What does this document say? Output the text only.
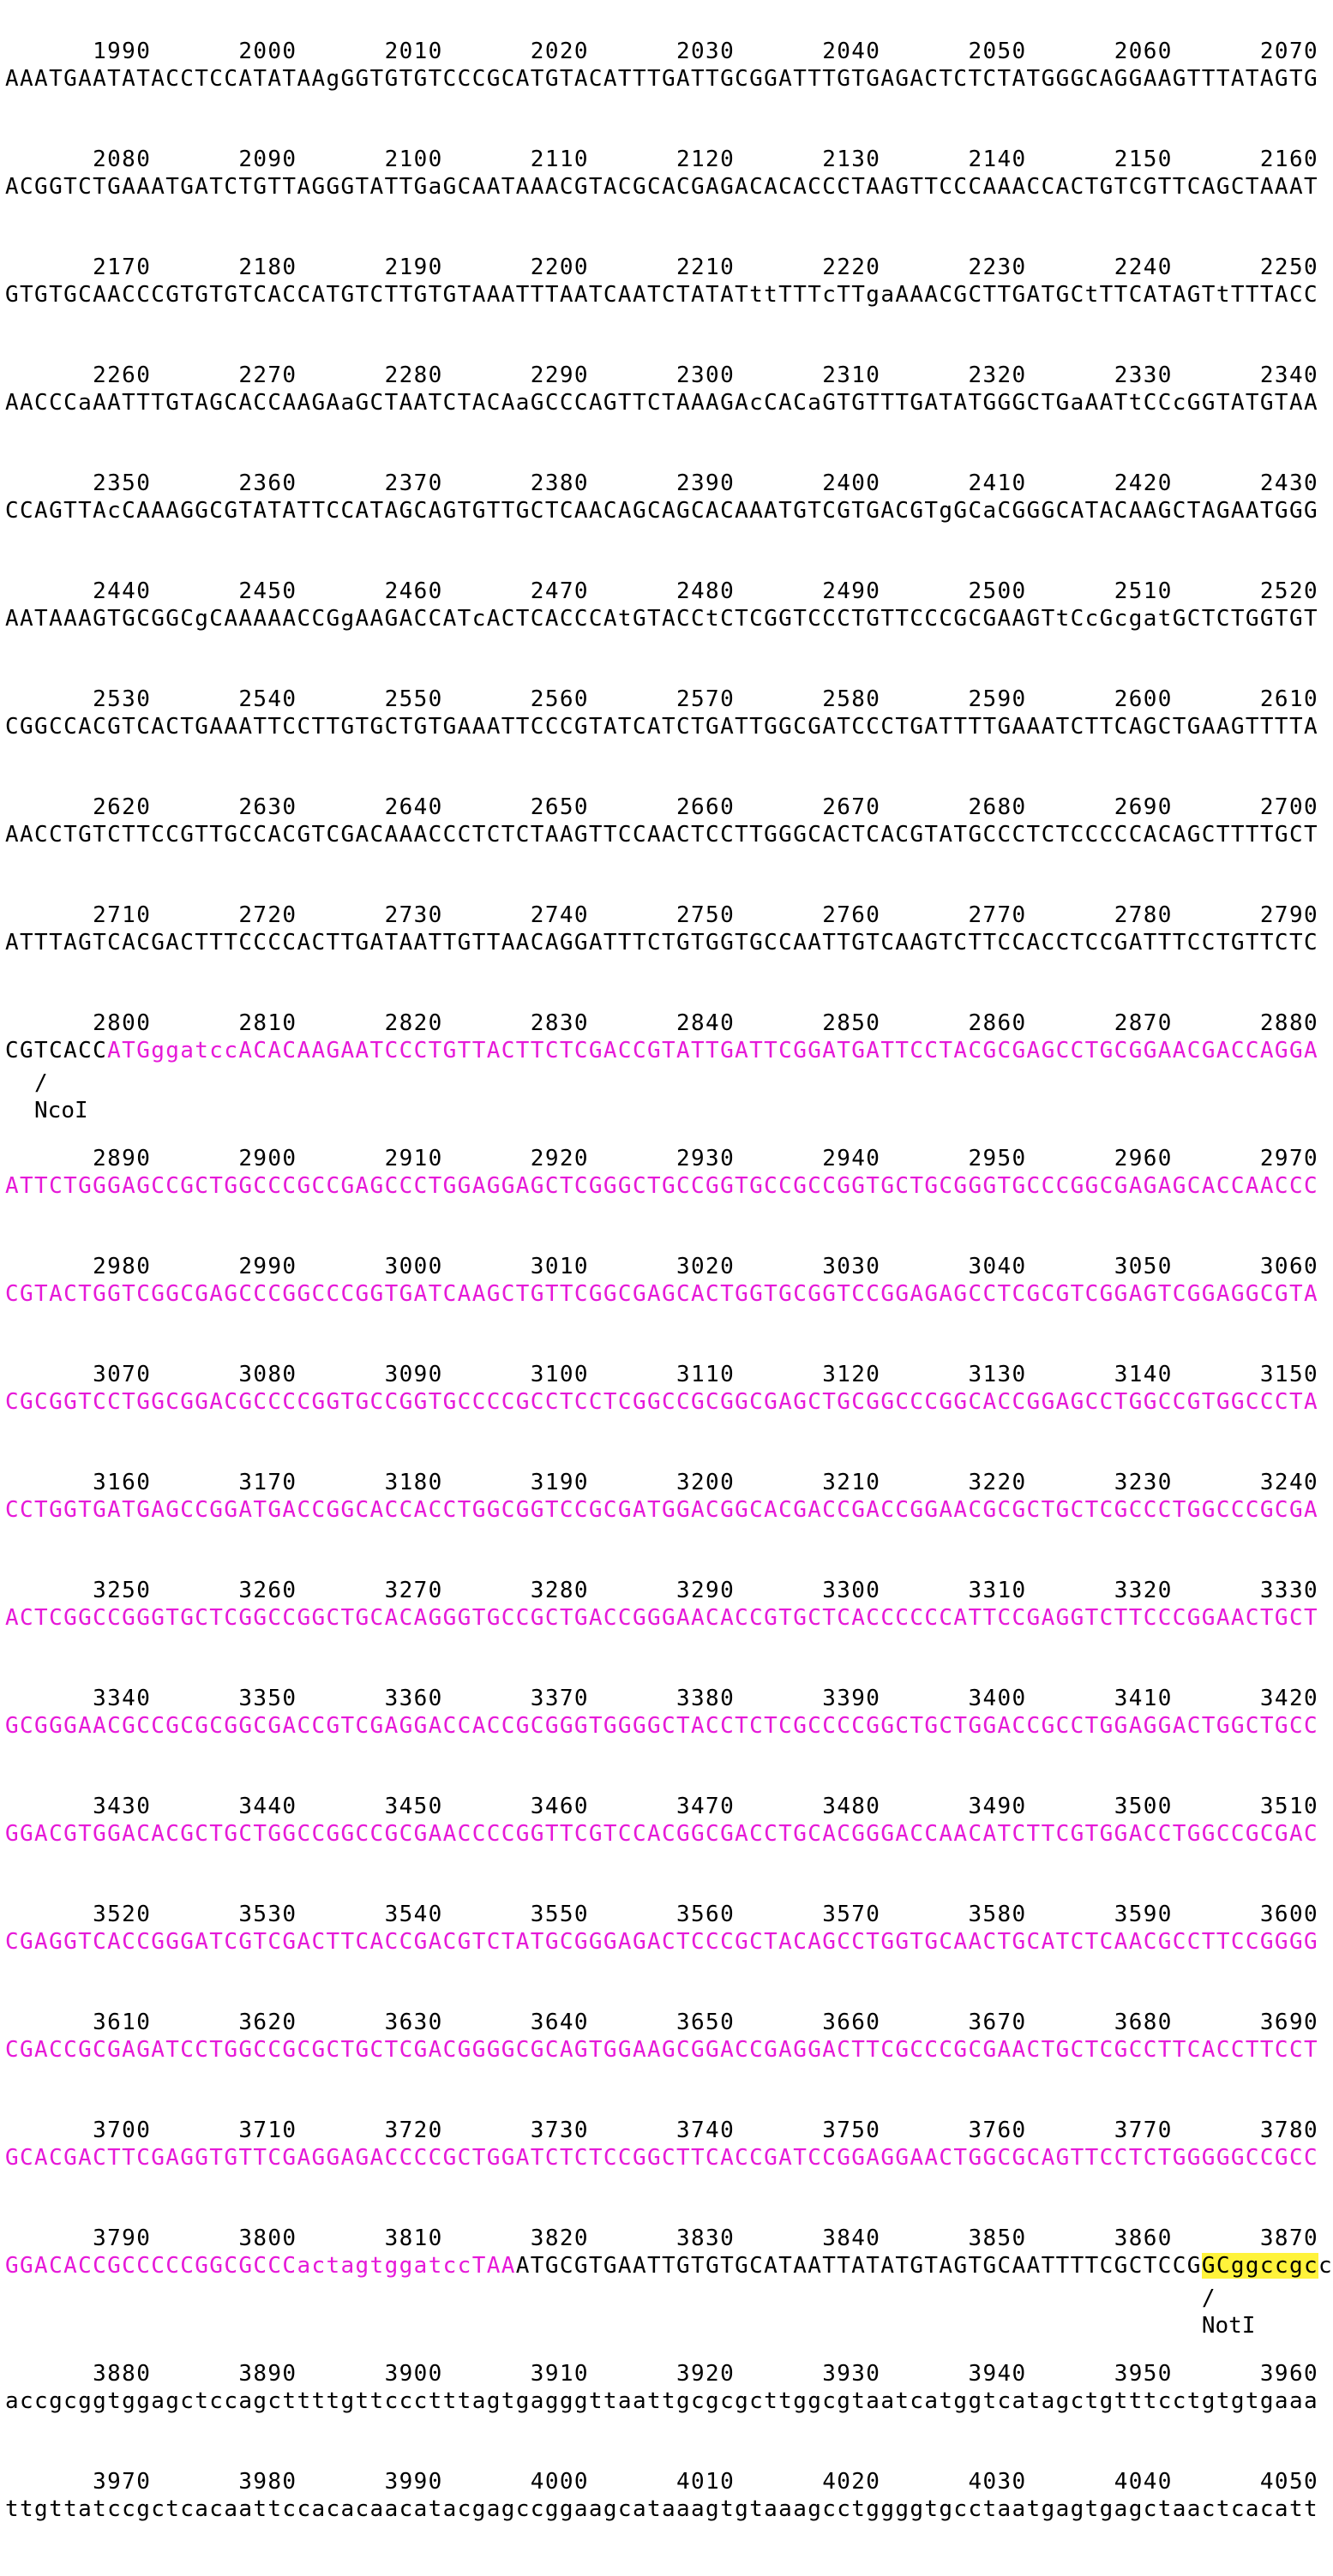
1990	2000	2010	2020	2030	2040	2050	2060	2070
AAATGAATATACCTCCATATAAgGGTGTGTCCCGCATGTACATTTGATTGCGGATTTGTGAGACTCTCTATGGGCAGGAAGTTTATAGTG
2080	2090	2100	2110	2120	2130	2140	2150	2160
ACGGTCTGAAATGATCTGTTAGGGTATTGaGCAATAAACGTACGCACGAGACACACCCTAAGTTCCCAAACCACTGTCGTTCAGCTAAAT
2170	2180	2190	2200	2210	2220	2230	2240	2250
GTGTGCAACCCGTGTGTCACCATGTCTTGTGTAAATTTAATCAATCTATATttTTTcTTgaAAACGCTTGATGCtTTCATAGTtTTTACC
2260	2270	2280	2290	2300	2310	2320	2330	2340
AACCCaAATTTGTAGCACCAAGAaGCTAATCTACAaGCCCAGTTCTAAAGAcCACaGTGTTTGATATGGGCTGaAATtCCcGGTATGTAA
2350	2360	2370	2380	2390	2400	2410	2420	2430
CCAGTTAcCAAAGGCGTATATTCCATAGCAGTGTTGCTCAACAGCAGCACAAATGTCGTGACGTgGCaCGGGCATACAAGCTAGAATGGG
2440	2450	2460	2470	2480	2490	2500	2510	2520
AATAAAGTGCGGCgCAAAAACCGgAAGACCATcACTCACCCAtGTACCtCTCGGTCCCTGTTCCCGCGAAGTtCcGcgatGCTCTGGTGT
2530	2540	2550	2560	2570	2580	2590	2600	2610
CGGCCACGTCACTGAAATTCCTTGTGCTGTGAAATTCCCGTATCATCTGATTGGCGATCCCTGATTTTGAAATCTTCAGCTGAAGTTTTA
2620	2630	2640	2650	2660	2670	2680	2690	2700
AACCTGTCTTCCGTTGCCACGTCGACAAACCCTCTCTAAGTTCCAACTCCTTGGGCACTCACGTATGCCCTCTCCCCCACAGCTTTTGCT
2710	2720	2730	2740	2750	2760	2770	2780	2790
ATTTAGTCACGACTTTCCCCACTTGATAATTGTTAACAGGATTTCTGTGGTGCCAATTGTCAAGTCTTCCACCTCCGATTTCCTGTTCTC
2800	2810	2820	2830	2840	2850	2860	2870	2880
CGTCACCATGggatccACACAAGAATCCCTGTTACTTCTCGACCGTATTGATTCGGATGATTCCTACGCGAGCCTGCGGAACGACCAGGA
/
NcoI
2890	2900	2910	2920	2930	2940	2950	2960	2970
ATTCTGGGAGCCGCTGGCCCGCCGAGCCCTGGAGGAGCTCGGGCTGCCGGTGCCGCCGGTGCTGCGGGTGCCCGGCGAGAGCACCAACCC
2980	2990	3000	3010	3020	3030	3040	3050	3060
CGTACTGGTCGGCGAGCCCGGCCCGGTGATCAAGCTGTTCGGCGAGCACTGGTGCGGTCCGGAGAGCCTCGCGTCGGAGTCGGAGGCGTA
3070	3080	3090	3100	3110	3120	3130	3140	3150
CGCGGTCCTGGCGGACGCCCCGGTGCCGGTGCCCCGCCTCCTCGGCCGCGGCGAGCTGCGGCCCGGCACCGGAGCCTGGCCGTGGCCCTA
3160	3170	3180	3190	3200	3210	3220	3230	3240
CCTGGTGATGAGCCGGATGACCGGCACCACCTGGCGGTCCGCGATGGACGGCACGACCGACCGGAACGCGCTGCTCGCCCTGGCCCGCGA
3250	3260	3270	3280	3290	3300	3310	3320	3330
ACTCGGCCGGGTGCTCGGCCGGCTGCACAGGGTGCCGCTGACCGGGAACACCGTGCTCACCCCCCATTCCGAGGTCTTCCCGGAACTGCT
3340	3350	3360	3370	3380	3390	3400	3410	3420
GCGGGAACGCCGCGCGGCGACCGTCGAGGACCACCGCGGGTGGGGCTACCTCTCGCCCCGGCTGCTGGACCGCCTGGAGGACTGGCTGCC
3430	3440	3450	3460	3470	3480	3490	3500	3510
GGACGTGGACACGCTGCTGGCCGGCCGCGAACCCCGGTTCGTCCACGGCGACCTGCACGGGACCAACATCTTCGTGGACCTGGCCGCGAC
3520	3530	3540	3550	3560	3570	3580	3590	3600
CGAGGTCACCGGGATCGTCGACTTCACCGACGTCTATGCGGGAGACTCCCGCTACAGCCTGGTGCAACTGCATCTCAACGCCTTCCGGGG
3610	3620	3630	3640	3650	3660	3670	3680	3690
CGACCGCGAGATCCTGGCCGCGCTGCTCGACGGGGCGCAGTGGAAGCGGACCGAGGACTTCGCCCGCGAACTGCTCGCCTTCACCTTCCT
3700	3710	3720	3730	3740	3750	3760	3770	3780
GCACGACTTCGAGGTGTTCGAGGAGACCCCGCTGGATCTCTCCGGCTTCACCGATCCGGAGGAACTGGCGCAGTTCCTCTGGGGGCCGCC
3790	3800	3810	3820	3830	3840	3850	3860	3870
GGACACCGCCCCCGGCGCCCactagtggatccTAAATGCGTGAATTGTGTGCATAATTATATGTAGTGCAATTTTCGCTCCGGCggccgcc
/
NotI
3880	3890	3900	3910	3920	3930	3940	3950	3960
accgcggtggagctccagcttttgttccctttagtgagggttaattgcgcgcttggcgtaatcatggtcatagctgtttcctgtgtgaaa
3970	3980	3990	4000	4010	4020	4030	4040	4050
ttgttatccgctcacaattccacacaacatacgagccggaagcataaagtgtaaagcctggggtgcctaatgagtgagctaactcacatt
